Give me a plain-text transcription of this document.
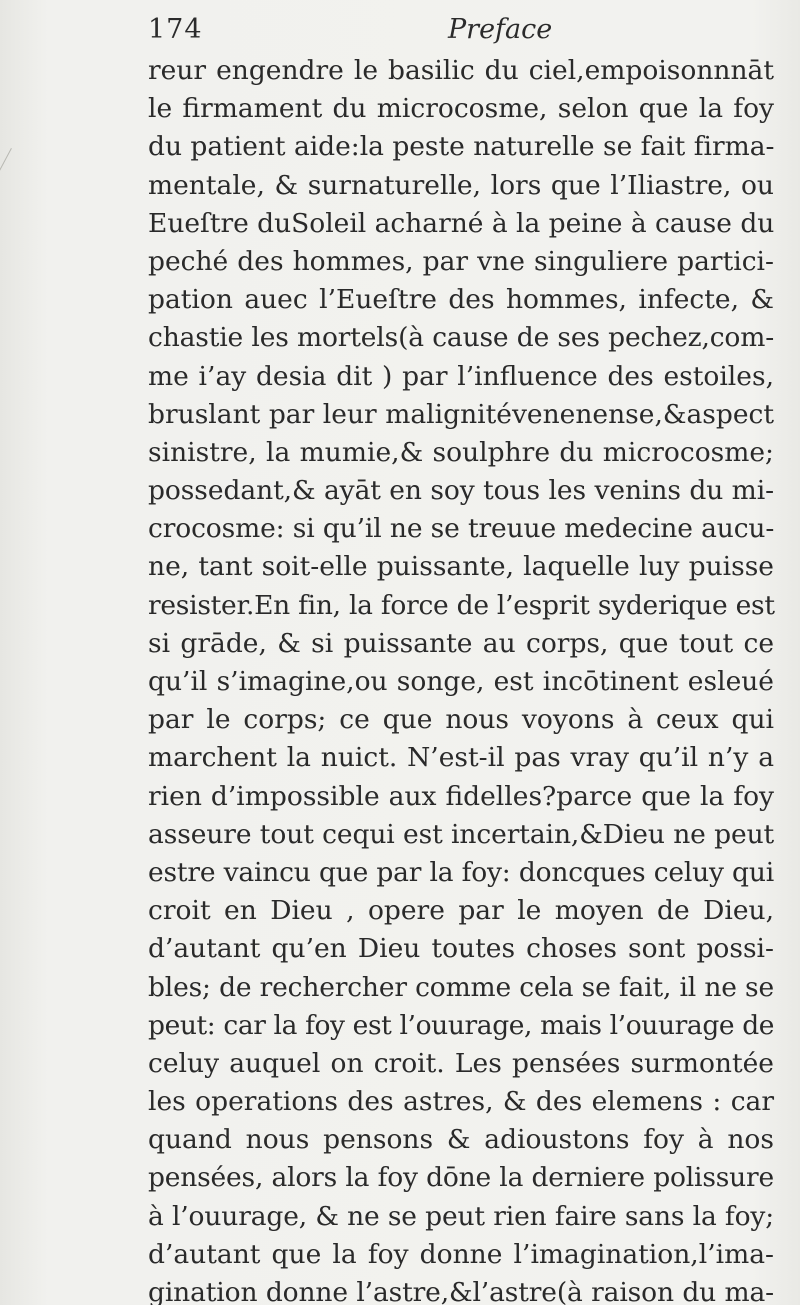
174	Preface
reur engendre le basilic du ciel,empoisonnnāt
le firmament du microcosme, selon que la foy
du patient aide:la peste naturelle se fait firma-
mentale, & surnaturelle, lors que l’Iliastre, ou
Eueſtre duSoleil acharné à la peine à cause du
peché des hommes, par vne singuliere partici-
pation auec l’Eueſtre des hommes, infecte, &
chastie les mortels(à cause de ses pechez,com-
me i’ay desia dit ) par l’influence des estoiles,
bruslant par leur malignitévenenense,&aspect
sinistre, la mumie,& soulphre du microcosme;
possedant,& ayāt en soy tous les venins du mi-
crocosme: si qu’il ne se treuue medecine aucu-
ne, tant soit-elle puissante, laquelle luy puisse
resister.En fin, la force de l’esprit syderique est
si grāde, & si puissante au corps, que tout ce
qu’il s’imagine,ou songe, est incōtinent esleué
par le corps; ce que nous voyons à ceux qui
marchent la nuict. N’est-il pas vray qu’il n’y a
rien d’impossible aux fidelles?parce que la foy
asseure tout cequi est incertain,&Dieu ne peut
estre vaincu que par la foy: doncques celuy qui
croit en Dieu , opere par le moyen de Dieu,
d’autant qu’en Dieu toutes choses sont possi-
bles; de rechercher comme cela se fait, il ne se
peut: car la foy est l’ouurage, mais l’ouurage de
celuy auquel on croit. Les pensées surmontée
les operations des astres, & des elemens : car
quand nous pensons & adioustons foy à nos
pensées, alors la foy dōne la derniere polissure
à l’ouurage, & ne se peut rien faire sans la foy;
d’autant que la foy donne l’imagination,l’ima-
gination donne l’astre,&l’astre(à raison du ma-
